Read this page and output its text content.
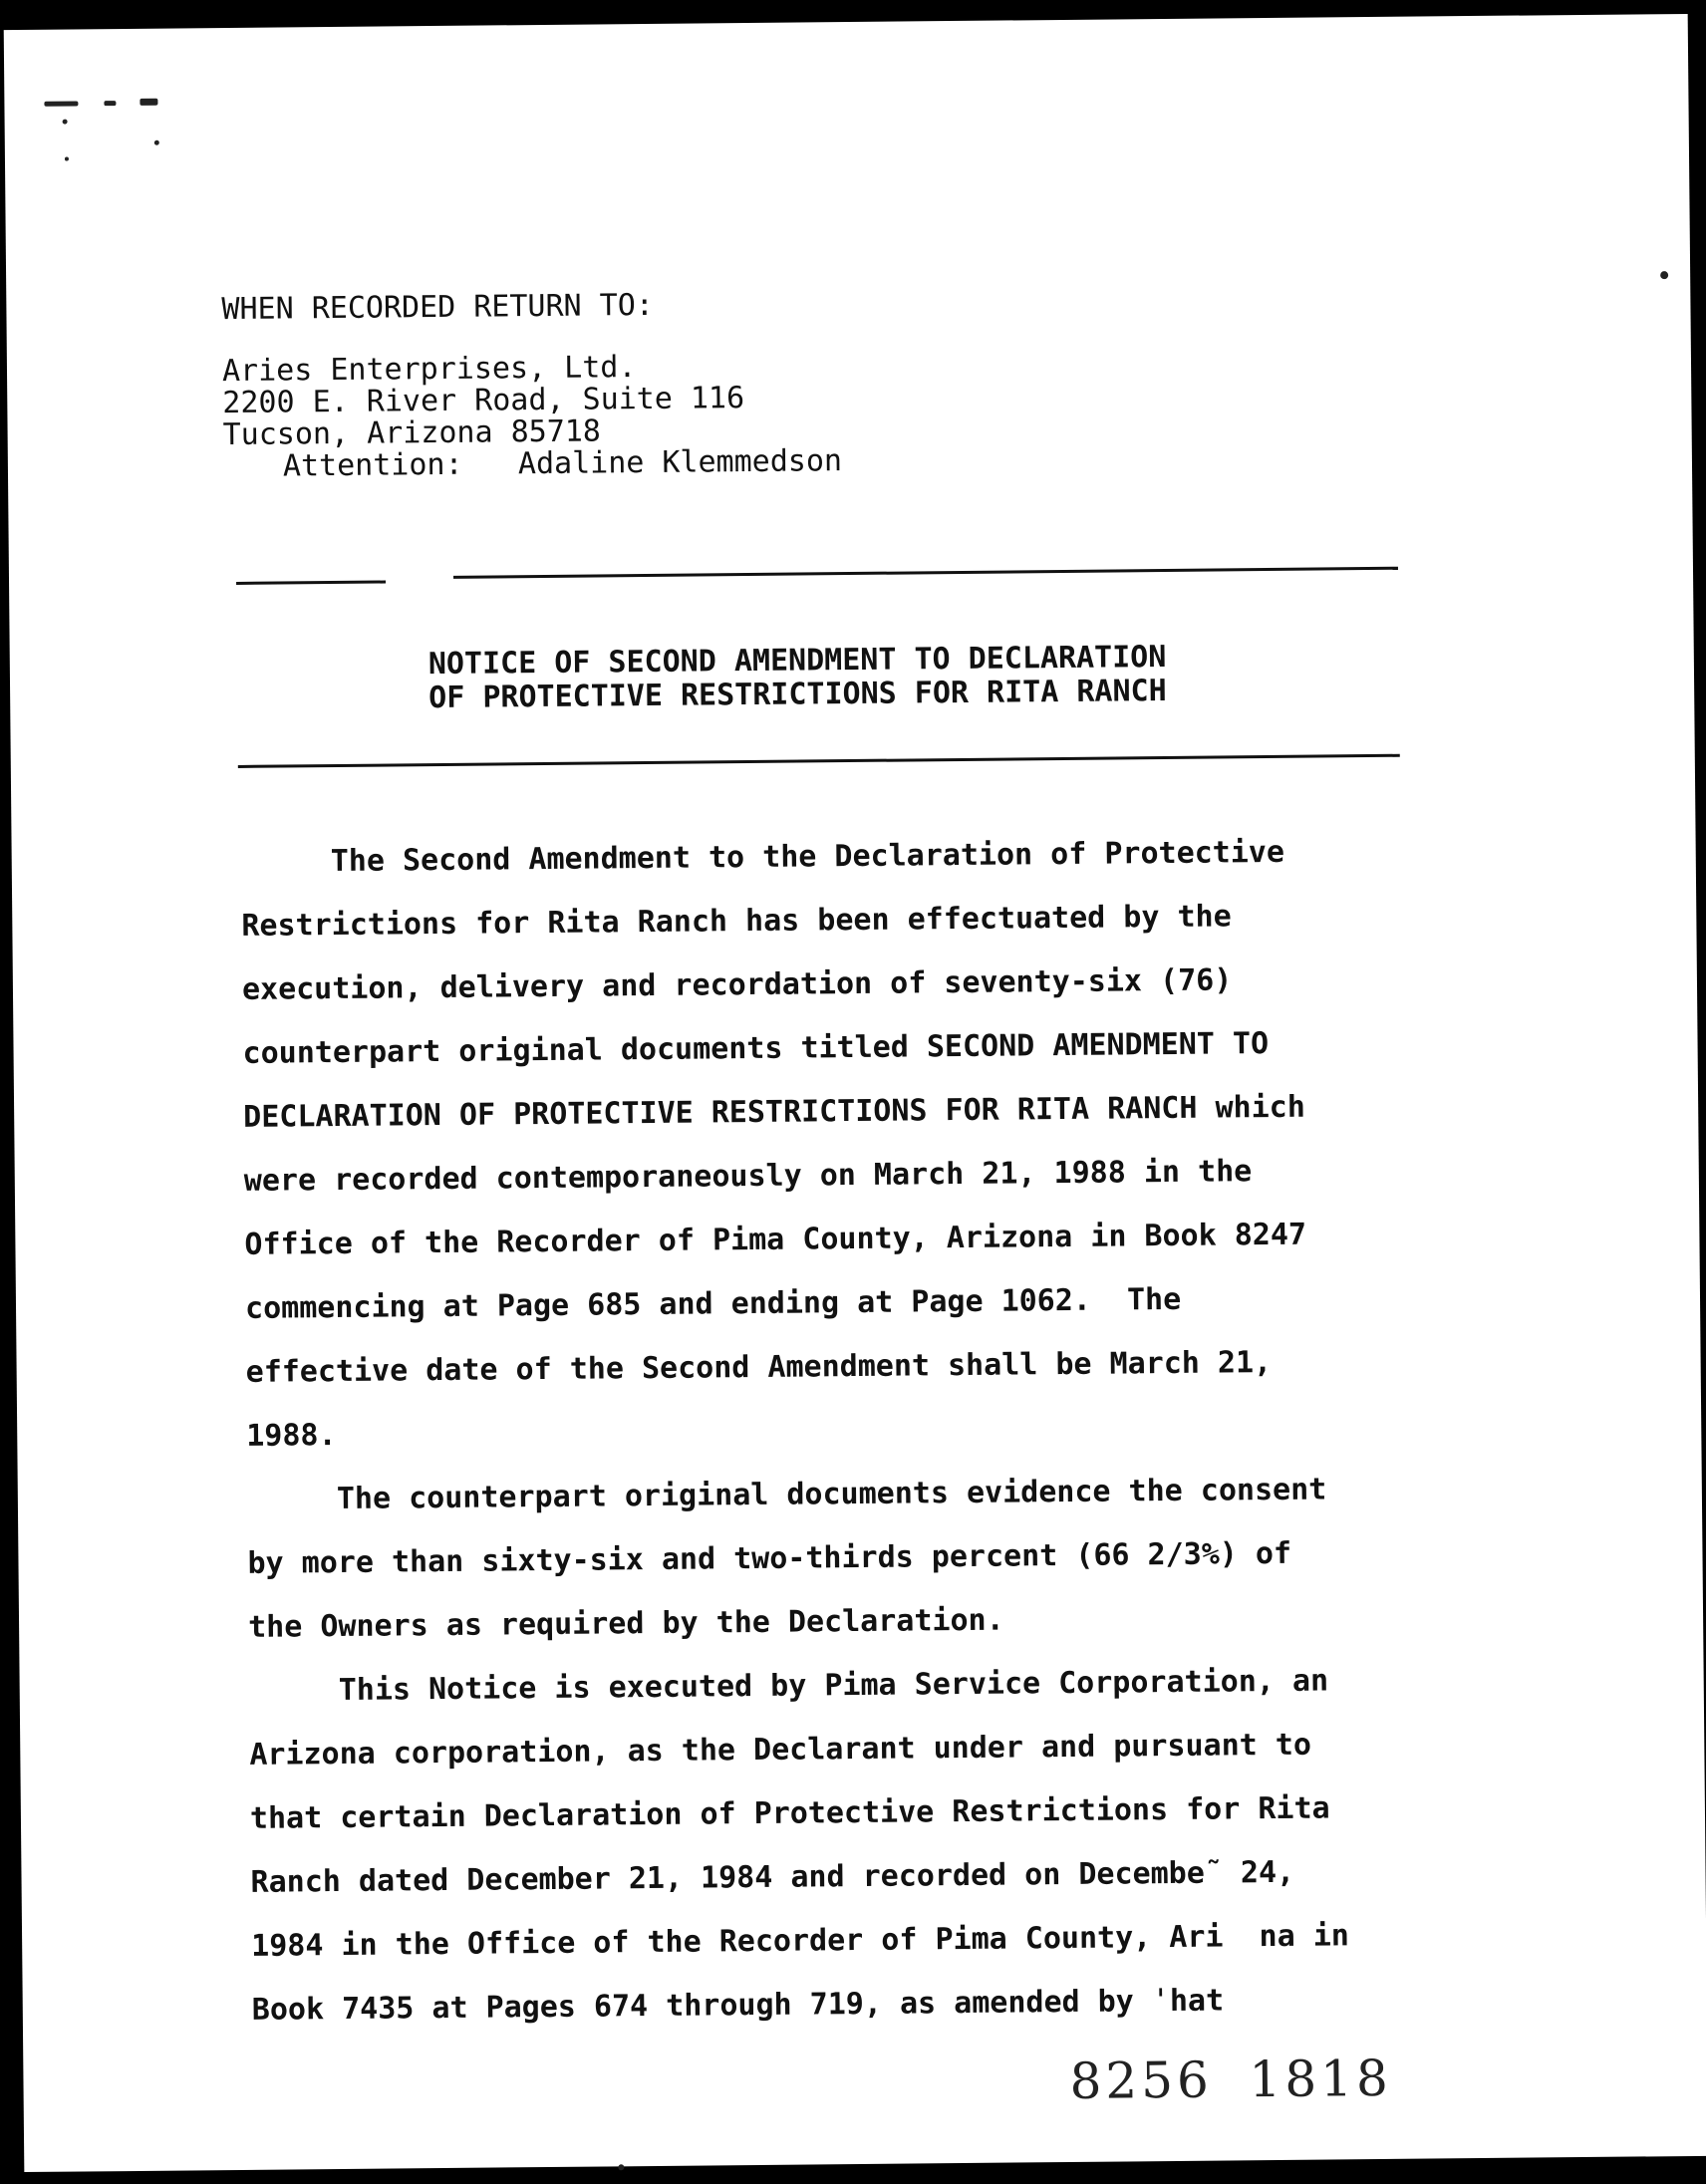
WHEN RECORDED RETURN TO:

Aries Enterprises, Ltd.

2200 E. River Road, Suite 116

Tucson, Arizona 85718

Attention: Adaline Klemmedson

NOTICE OF SECOND AMENDMENT TO DECLARATION

OF PROTECTIVE RESTRICTIONS FOR RITA RANCH

The Second Amendment to the Declaration of Protective

Restrictions for Rita Ranch has been effectuated by the

execution, delivery and recordation of seventy-six (76)

counterpart original documents titled SECOND AMENDMENT TO

DECLARATION OF PROTECTIVE RESTRICTIONS FOR RITA RANCH which

were recorded contemporaneously on March 21, 1988 in the

Office of the Recorder of Pima County, Arizona in Book 8247

commencing at Page 685 and ending at Page 1062.  The

effective date of the Second Amendment shall be March 21,

1988.

The counterpart original documents evidence the consent

by more than sixty-six and two-thirds percent (66 2/3%) of

the Owners as required by the Declaration.

This Notice is executed by Pima Service Corporation, an

Arizona corporation, as the Declarant under and pursuant to

that certain Declaration of Protective Restrictions for Rita

Ranch dated December 21, 1984 and recorded on Decembe˜ 24,

1984 in the Office of the Recorder of Pima County, Ari  na in

Book 7435 at Pages 674 through 719, as amended by ˈhat

8256 1818
